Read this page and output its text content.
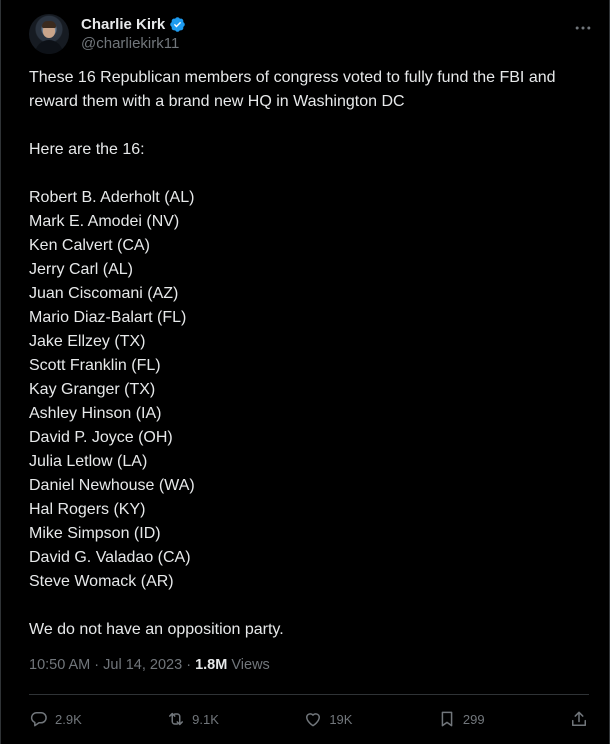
Charlie Kirk
@charliekirk11

These 16 Republican members of congress voted to fully fund the FBI and reward them with a brand new HQ in Washington DC

Here are the 16:

Robert B. Aderholt (AL)

Mark E. Amodei (NV)

Ken Calvert (CA)

Jerry Carl (AL)

Juan Ciscomani (AZ)

Mario Diaz-Balart (FL)

Jake Ellzey (TX)

Scott Franklin (FL)

Kay Granger (TX)

Ashley Hinson (IA)

David P. Joyce (OH)

Julia Letlow (LA)

Daniel Newhouse (WA)

Hal Rogers (KY)

Mike Simpson (ID)

David G. Valadao (CA)

Steve Womack (AR)

We do not have an opposition party.

10:50 AM · Jul 14, 2023 · 1.8M Views
2.9K	9.1K	19K	299
